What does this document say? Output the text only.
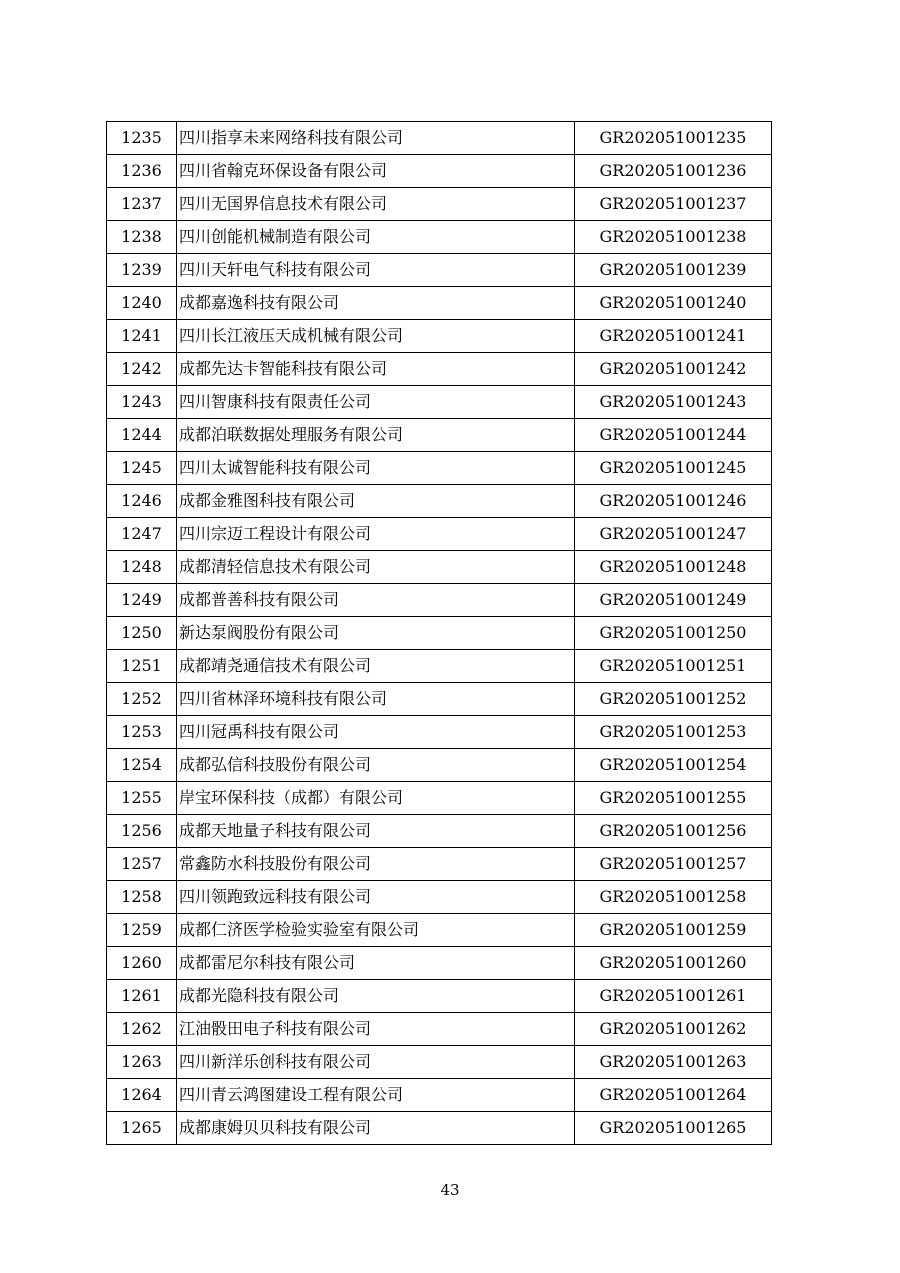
1235	四川指享未来网络科技有限公司	GR202051001235
1236	四川省翰克环保设备有限公司	GR202051001236
1237	四川无国界信息技术有限公司	GR202051001237
1238	四川创能机械制造有限公司	GR202051001238
1239	四川天轩电气科技有限公司	GR202051001239
1240	成都嘉逸科技有限公司	GR202051001240
1241	四川长江液压天成机械有限公司	GR202051001241
1242	成都先达卡智能科技有限公司	GR202051001242
1243	四川智康科技有限责任公司	GR202051001243
1244	成都泊联数据处理服务有限公司	GR202051001244
1245	四川太诚智能科技有限公司	GR202051001245
1246	成都金雅图科技有限公司	GR202051001246
1247	四川宗迈工程设计有限公司	GR202051001247
1248	成都清轻信息技术有限公司	GR202051001248
1249	成都普善科技有限公司	GR202051001249
1250	新达泵阀股份有限公司	GR202051001250
1251	成都靖尧通信技术有限公司	GR202051001251
1252	四川省林泽环境科技有限公司	GR202051001252
1253	四川冠禹科技有限公司	GR202051001253
1254	成都弘信科技股份有限公司	GR202051001254
1255	岸宝环保科技（成都）有限公司	GR202051001255
1256	成都天地量子科技有限公司	GR202051001256
1257	常鑫防水科技股份有限公司	GR202051001257
1258	四川领跑致远科技有限公司	GR202051001258
1259	成都仁济医学检验实验室有限公司	GR202051001259
1260	成都雷尼尔科技有限公司	GR202051001260
1261	成都光隐科技有限公司	GR202051001261
1262	江油骰田电子科技有限公司	GR202051001262
1263	四川新洋乐创科技有限公司	GR202051001263
1264	四川青云鸿图建设工程有限公司	GR202051001264
1265	成都康姆贝贝科技有限公司	GR202051001265
43
